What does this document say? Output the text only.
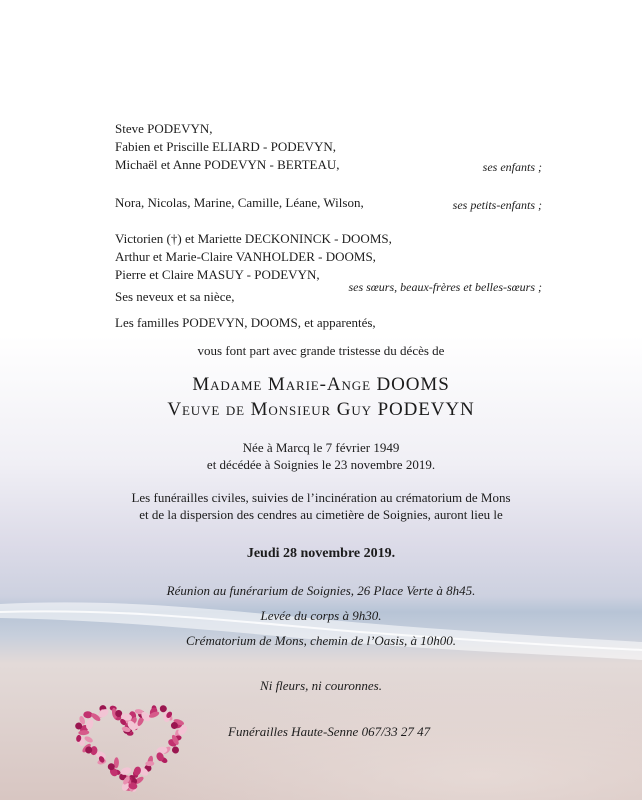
Steve PODEVYN,
Fabien et Priscille ELIARD - PODEVYN,
Michaël et Anne PODEVYN - BERTEAU,	ses enfants ;
Nora, Nicolas, Marine, Camille, Léane, Wilson,	ses petits-enfants ;
Victorien (†) et Mariette DECKONINCK - DOOMS,
Arthur et Marie-Claire VANHOLDER - DOOMS,
Pierre et Claire MASUY - PODEVYN,
ses sœurs, beaux-frères et belles-sœurs ;
Ses neveux et sa nièce,
Les familles PODEVYN, DOOMS, et apparentés,
vous font part avec grande tristesse du décès de
Madame Marie-Ange DOOMS
Veuve de Monsieur Guy PODEVYN
Née à Marcq le 7 février 1949
et décédée à Soignies le 23 novembre 2019.
Les funérailles civiles, suivies de l’incinération au crématorium de Mons
et de la dispersion des cendres au cimetière de Soignies, auront lieu le
Jeudi 28 novembre 2019.
Réunion au funérarium de Soignies, 26 Place Verte à 8h45.
Levée du corps à 9h30.
Crématorium de Mons, chemin de l’Oasis, à 10h00.
Ni fleurs, ni couronnes.
Funérailles Haute-Senne 067/33 27 47
